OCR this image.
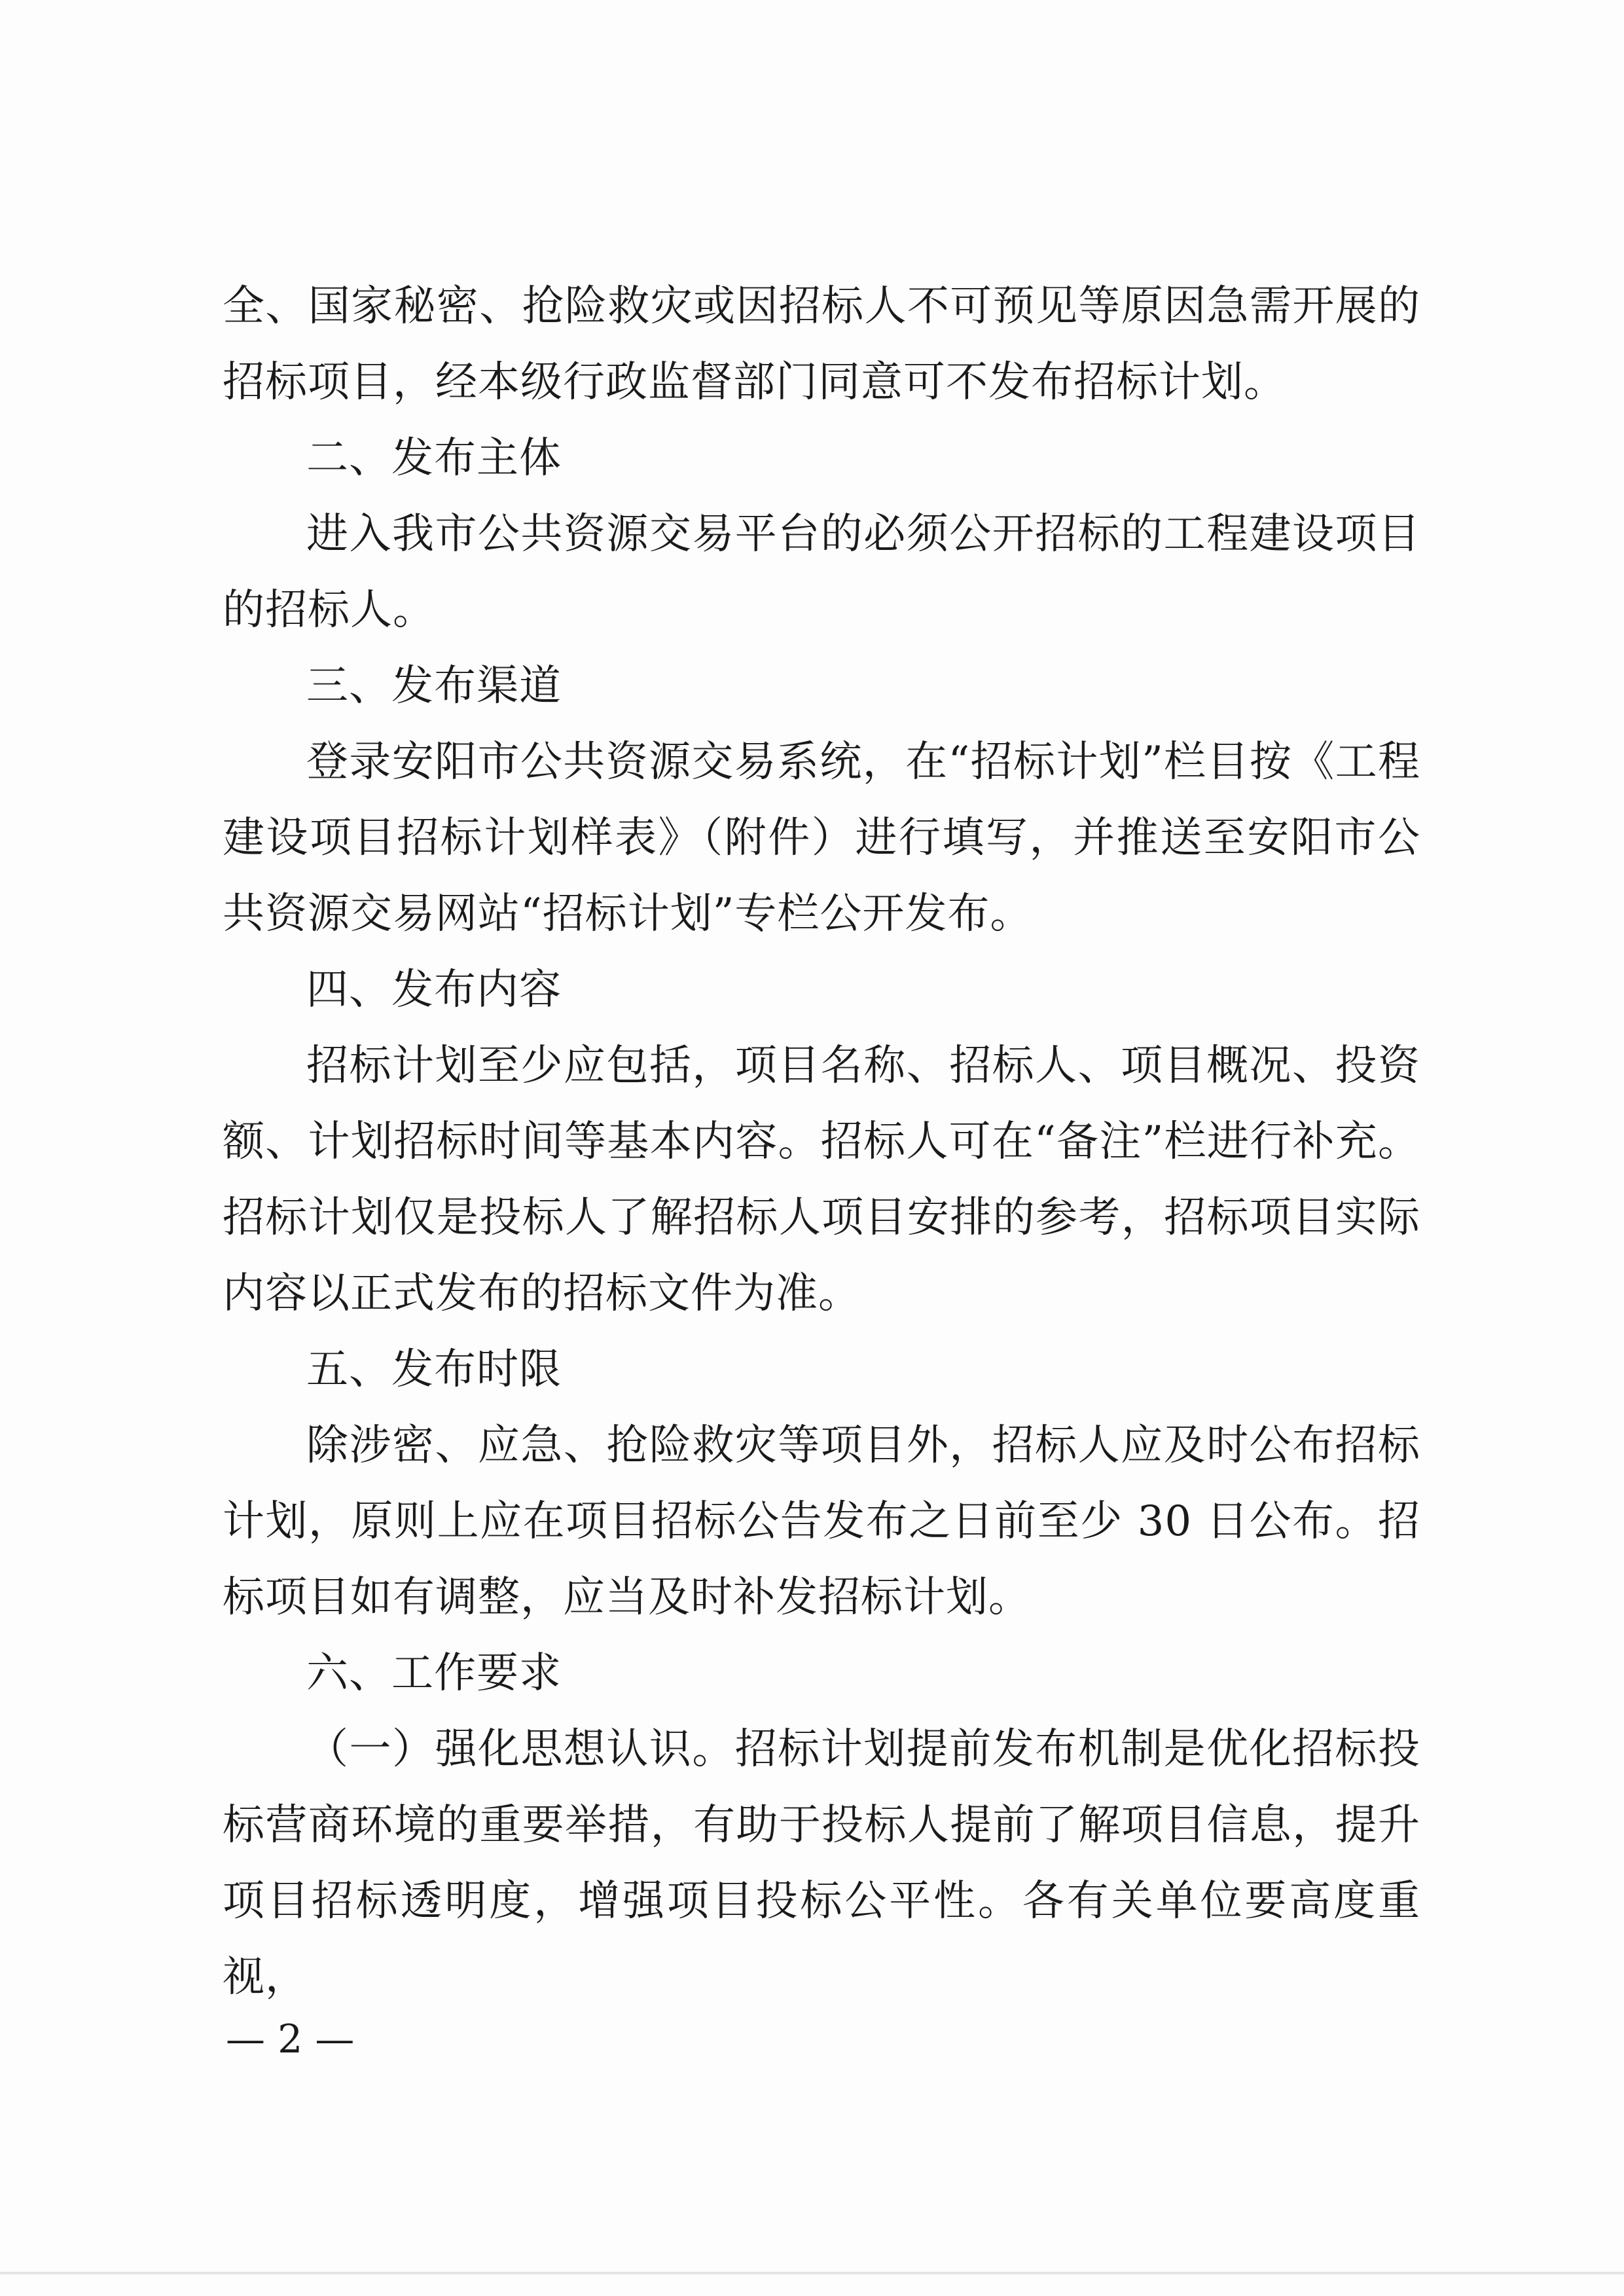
全、国家秘密、抢险救灾或因招标人不可预见等原因急需开展的招标项目，经本级行政监督部门同意可不发布招标计划。

二、发布主体

进入我市公共资源交易平台的必须公开招标的工程建设项目的招标人。

三、发布渠道

登录安阳市公共资源交易系统，在“招标计划”栏目按《工程建设项目招标计划样表》（附件）进行填写，并推送至安阳市公共资源交易网站“招标计划”专栏公开发布。

四、发布内容

招标计划至少应包括，项目名称、招标人、项目概况、投资额、计划招标时间等基本内容。招标人可在“备注”栏进行补充。招标计划仅是投标人了解招标人项目安排的参考，招标项目实际内容以正式发布的招标文件为准。

五、发布时限

除涉密、应急、抢险救灾等项目外，招标人应及时公布招标计划，原则上应在项目招标公告发布之日前至少 30 日公布。招标项目如有调整，应当及时补发招标计划。

六、工作要求

（一）强化思想认识。招标计划提前发布机制是优化招标投标营商环境的重要举措，有助于投标人提前了解项目信息，提升项目招标透明度，增强项目投标公平性。各有关单位要高度重视，

— 2 —
